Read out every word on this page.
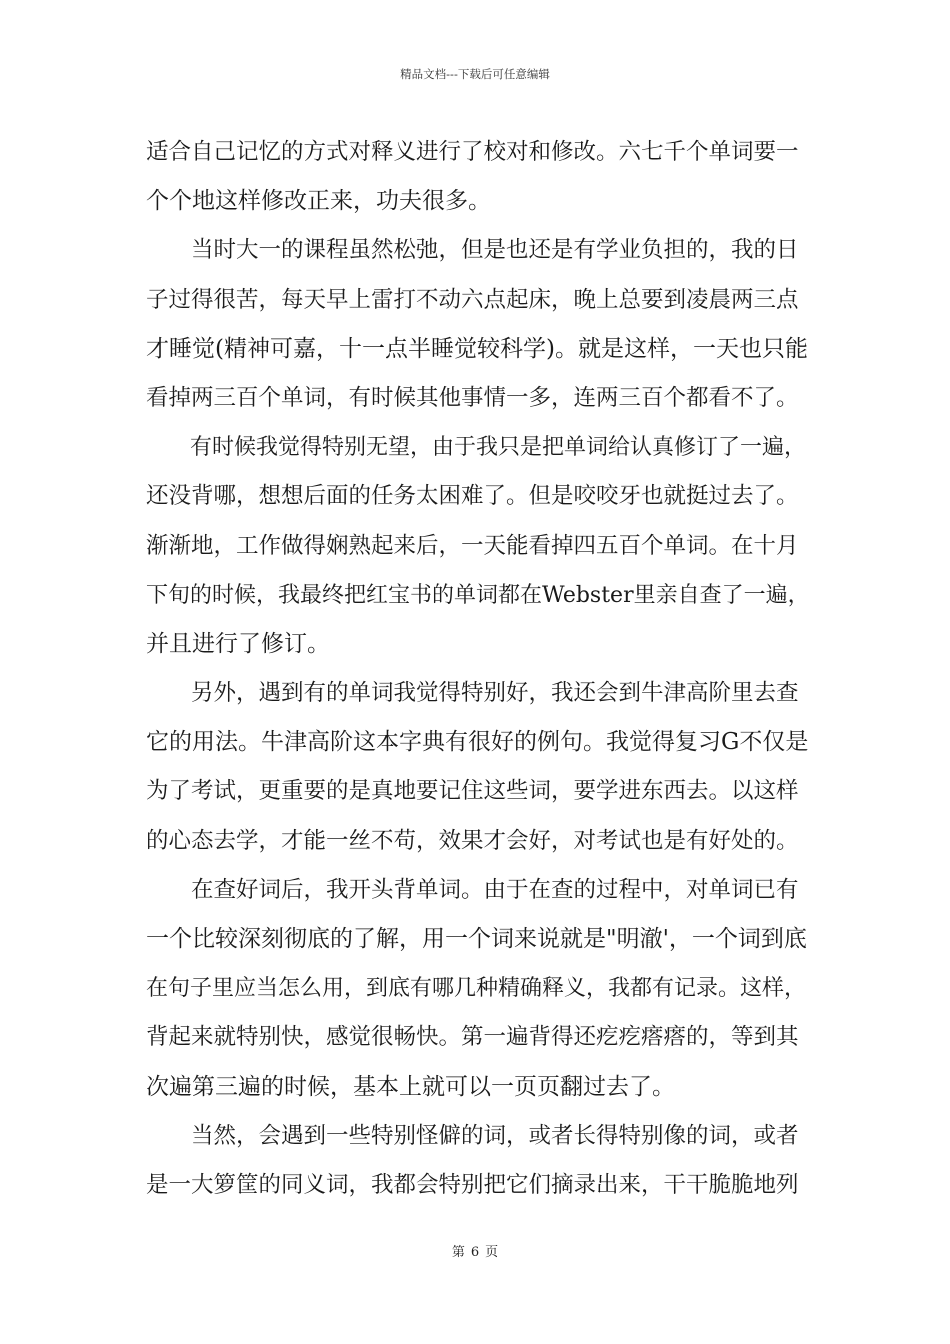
精品文档---下载后可任意编辑

适合自己记忆的方式对释义进行了校对和修改。六七千个单词要一
个个地这样修改正来，功夫很多。

　　当时大一的课程虽然松弛，但是也还是有学业负担的，我的日
子过得很苦，每天早上雷打不动六点起床，晚上总要到凌晨两三点
才睡觉(精神可嘉，十一点半睡觉较科学)。就是这样，一天也只能
看掉两三百个单词，有时候其他事情一多，连两三百个都看不了。

　　有时候我觉得特别无望，由于我只是把单词给认真修订了一遍，
还没背哪，想想后面的任务太困难了。但是咬咬牙也就挺过去了。
渐渐地，工作做得娴熟起来后，一天能看掉四五百个单词。在十月
下旬的时候，我最终把红宝书的单词都在Webster里亲自查了一遍，
并且进行了修订。

　　另外，遇到有的单词我觉得特别好，我还会到牛津高阶里去查
它的用法。牛津高阶这本字典有很好的例句。我觉得复习G不仅是
为了考试，更重要的是真地要记住这些词，要学进东西去。以这样
的心态去学，才能一丝不苟，效果才会好，对考试也是有好处的。

　　在查好词后，我开头背单词。由于在查的过程中，对单词已有
一个比较深刻彻底的了解，用一个词来说就是"明澈'，一个词到底
在句子里应当怎么用，到底有哪几种精确释义，我都有记录。这样，
背起来就特别快，感觉很畅快。第一遍背得还疙疙瘩瘩的，等到其
次遍第三遍的时候，基本上就可以一页页翻过去了。

　　当然，会遇到一些特别怪僻的词，或者长得特别像的词，或者
是一大箩筐的同义词，我都会特别把它们摘录出来，干干脆脆地列

第 6 页
